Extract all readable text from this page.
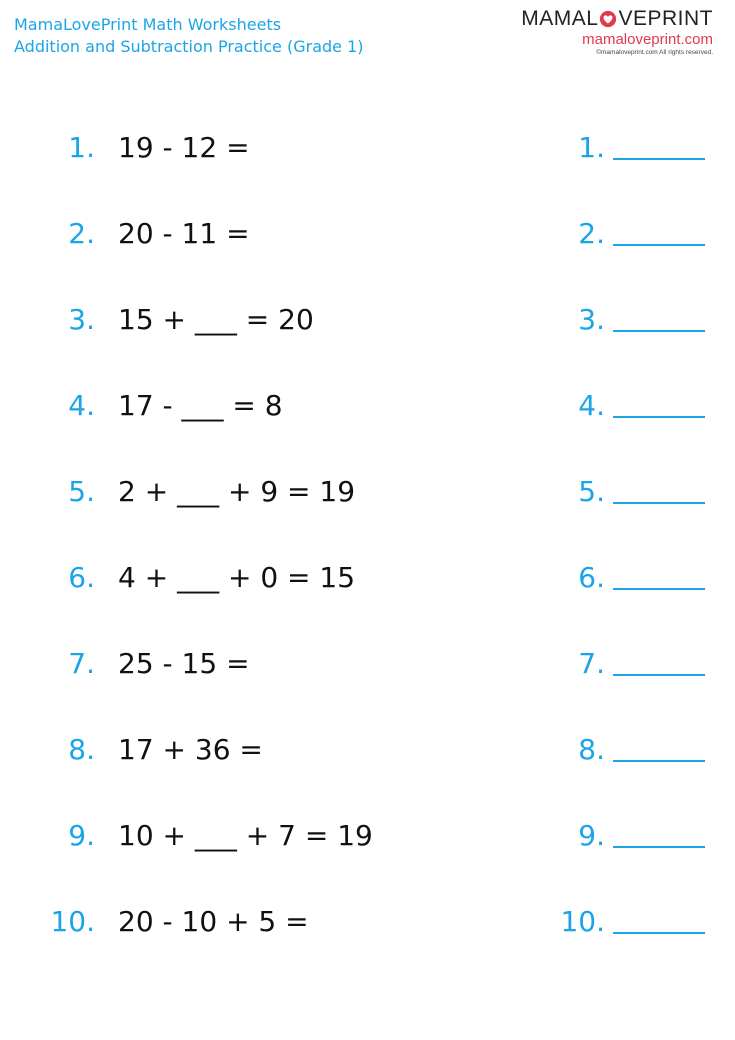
MamaLovePrint Math Worksheets
Addition and Subtraction Practice (Grade 1)
MAMAL VEPRINT
mamaloveprint.com
©mamaloveprint.com All rights reserved.
1. 19 - 12 =	1.
2. 20 - 11 =	2.
3. 15 + ___ = 20	3.
4. 17 - ___ = 8	4.
5. 2 + ___ + 9 = 19	5.
6. 4 + ___ + 0 = 15	6.
7. 25 - 15 =	7.
8. 17 + 36 =	8.
9. 10 + ___ + 7 = 19	9.
10. 20 - 10 + 5 =	10.
